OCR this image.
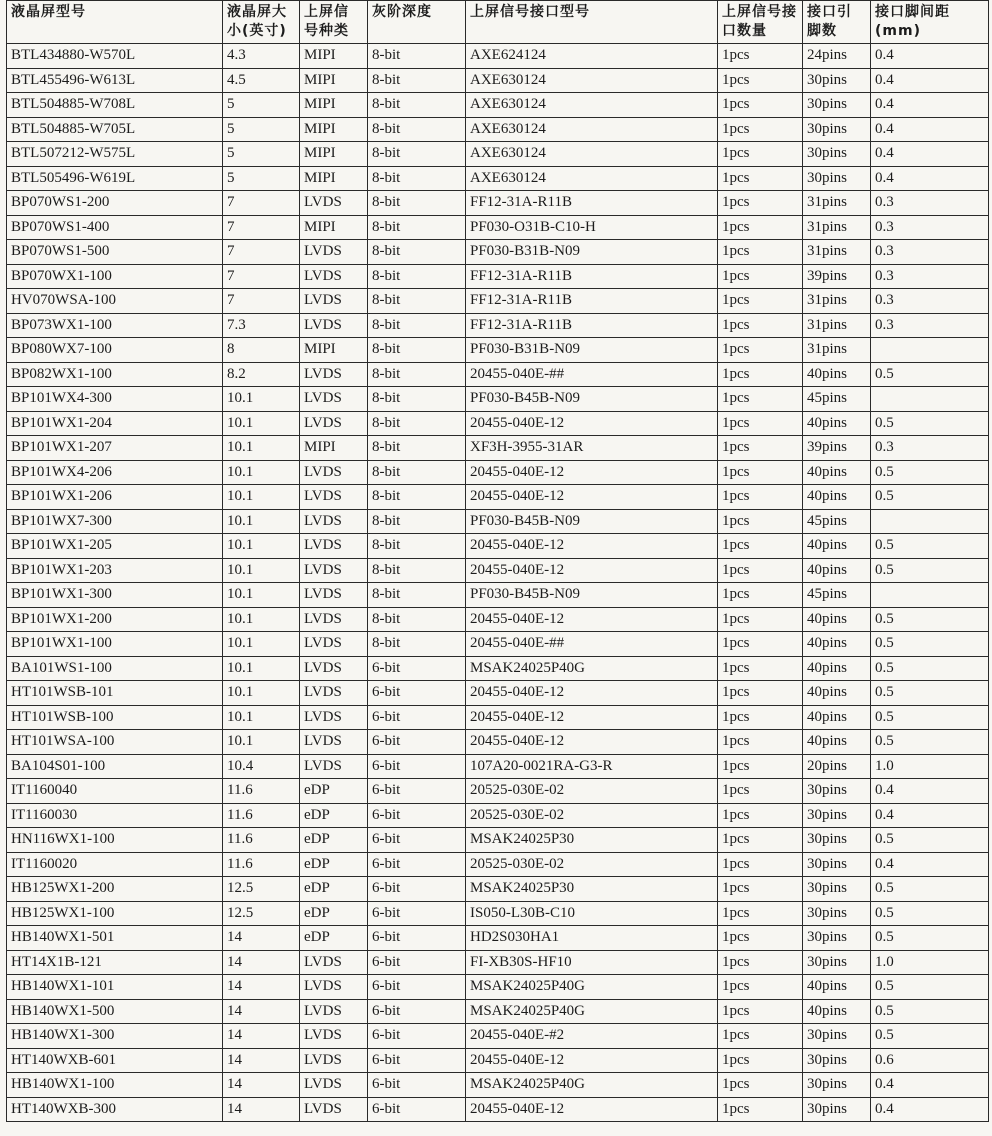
液晶屏型号	液晶屏大小(英寸)	上屏信号种类	灰阶深度	上屏信号接口型号	上屏信号接口数量	接口引脚数	接口脚间距(mm)
BTL434880-W570L	4.3	MIPI	8-bit	AXE624124	1pcs	24pins	0.4
BTL455496-W613L	4.5	MIPI	8-bit	AXE630124	1pcs	30pins	0.4
BTL504885-W708L	5	MIPI	8-bit	AXE630124	1pcs	30pins	0.4
BTL504885-W705L	5	MIPI	8-bit	AXE630124	1pcs	30pins	0.4
BTL507212-W575L	5	MIPI	8-bit	AXE630124	1pcs	30pins	0.4
BTL505496-W619L	5	MIPI	8-bit	AXE630124	1pcs	30pins	0.4
BP070WS1-200	7	LVDS	8-bit	FF12-31A-R11B	1pcs	31pins	0.3
BP070WS1-400	7	MIPI	8-bit	PF030-O31B-C10-H	1pcs	31pins	0.3
BP070WS1-500	7	LVDS	8-bit	PF030-B31B-N09	1pcs	31pins	0.3
BP070WX1-100	7	LVDS	8-bit	FF12-31A-R11B	1pcs	39pins	0.3
HV070WSA-100	7	LVDS	8-bit	FF12-31A-R11B	1pcs	31pins	0.3
BP073WX1-100	7.3	LVDS	8-bit	FF12-31A-R11B	1pcs	31pins	0.3
BP080WX7-100	8	MIPI	8-bit	PF030-B31B-N09	1pcs	31pins	
BP082WX1-100	8.2	LVDS	8-bit	20455-040E-##	1pcs	40pins	0.5
BP101WX4-300	10.1	LVDS	8-bit	PF030-B45B-N09	1pcs	45pins	
BP101WX1-204	10.1	LVDS	8-bit	20455-040E-12	1pcs	40pins	0.5
BP101WX1-207	10.1	MIPI	8-bit	XF3H-3955-31AR	1pcs	39pins	0.3
BP101WX4-206	10.1	LVDS	8-bit	20455-040E-12	1pcs	40pins	0.5
BP101WX1-206	10.1	LVDS	8-bit	20455-040E-12	1pcs	40pins	0.5
BP101WX7-300	10.1	LVDS	8-bit	PF030-B45B-N09	1pcs	45pins	
BP101WX1-205	10.1	LVDS	8-bit	20455-040E-12	1pcs	40pins	0.5
BP101WX1-203	10.1	LVDS	8-bit	20455-040E-12	1pcs	40pins	0.5
BP101WX1-300	10.1	LVDS	8-bit	PF030-B45B-N09	1pcs	45pins	
BP101WX1-200	10.1	LVDS	8-bit	20455-040E-12	1pcs	40pins	0.5
BP101WX1-100	10.1	LVDS	8-bit	20455-040E-##	1pcs	40pins	0.5
BA101WS1-100	10.1	LVDS	6-bit	MSAK24025P40G	1pcs	40pins	0.5
HT101WSB-101	10.1	LVDS	6-bit	20455-040E-12	1pcs	40pins	0.5
HT101WSB-100	10.1	LVDS	6-bit	20455-040E-12	1pcs	40pins	0.5
HT101WSA-100	10.1	LVDS	6-bit	20455-040E-12	1pcs	40pins	0.5
BA104S01-100	10.4	LVDS	6-bit	107A20-0021RA-G3-R	1pcs	20pins	1.0
IT1160040	11.6	eDP	6-bit	20525-030E-02	1pcs	30pins	0.4
IT1160030	11.6	eDP	6-bit	20525-030E-02	1pcs	30pins	0.4
HN116WX1-100	11.6	eDP	6-bit	MSAK24025P30	1pcs	30pins	0.5
IT1160020	11.6	eDP	6-bit	20525-030E-02	1pcs	30pins	0.4
HB125WX1-200	12.5	eDP	6-bit	MSAK24025P30	1pcs	30pins	0.5
HB125WX1-100	12.5	eDP	6-bit	IS050-L30B-C10	1pcs	30pins	0.5
HB140WX1-501	14	eDP	6-bit	HD2S030HA1	1pcs	30pins	0.5
HT14X1B-121	14	LVDS	6-bit	FI-XB30S-HF10	1pcs	30pins	1.0
HB140WX1-101	14	LVDS	6-bit	MSAK24025P40G	1pcs	40pins	0.5
HB140WX1-500	14	LVDS	6-bit	MSAK24025P40G	1pcs	40pins	0.5
HB140WX1-300	14	LVDS	6-bit	20455-040E-#2	1pcs	30pins	0.5
HT140WXB-601	14	LVDS	6-bit	20455-040E-12	1pcs	30pins	0.6
HB140WX1-100	14	LVDS	6-bit	MSAK24025P40G	1pcs	30pins	0.4
HT140WXB-300	14	LVDS	6-bit	20455-040E-12	1pcs	30pins	0.4
